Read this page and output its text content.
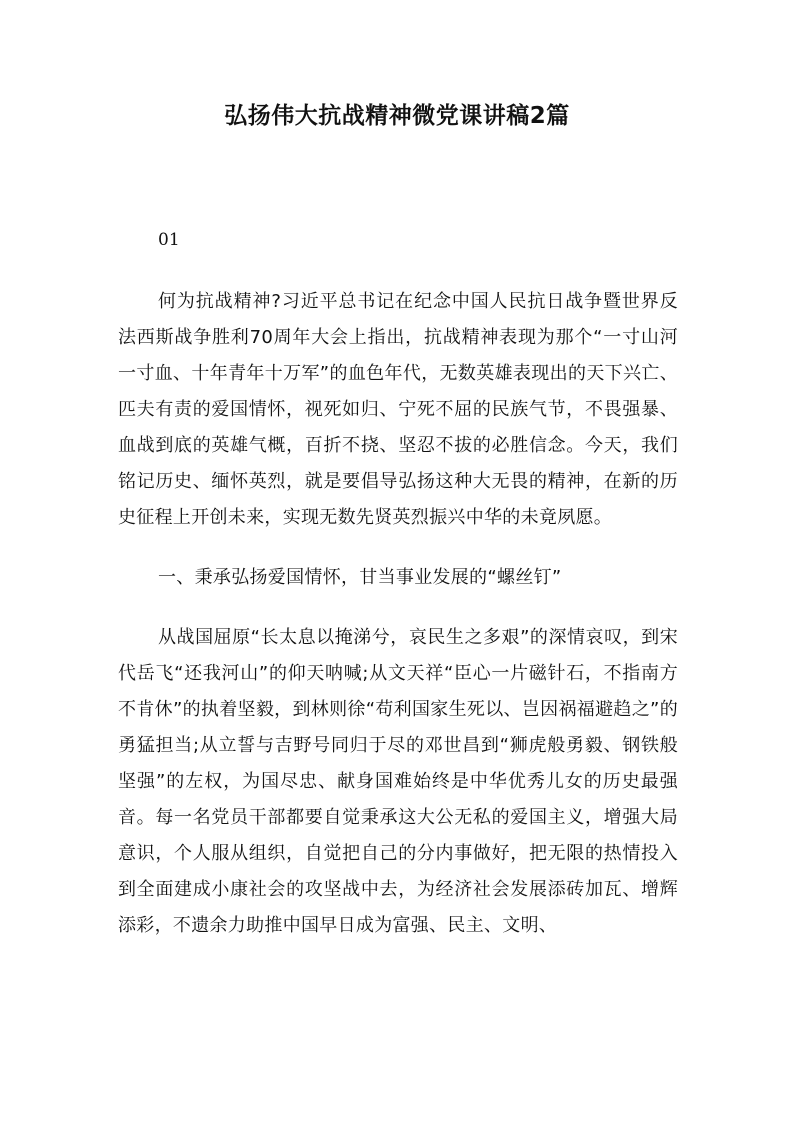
弘扬伟大抗战精神微党课讲稿2篇

01

何为抗战精神?习近平总书记在纪念中国人民抗日战争暨世界反法西斯战争胜利70周年大会上指出，抗战精神表现为那个“一寸山河一寸血、十年青年十万军”的血色年代，无数英雄表现出的天下兴亡、匹夫有责的爱国情怀，视死如归、宁死不屈的民族气节，不畏强暴、血战到底的英雄气概，百折不挠、坚忍不拔的必胜信念。今天，我们铭记历史、缅怀英烈，就是要倡导弘扬这种大无畏的精神，在新的历史征程上开创未来，实现无数先贤英烈振兴中华的未竟夙愿。

一、秉承弘扬爱国情怀，甘当事业发展的“螺丝钉”

从战国屈原“长太息以掩涕兮，哀民生之多艰”的深情哀叹，到宋代岳飞“还我河山”的仰天呐喊;从文天祥“臣心一片磁针石，不指南方不肯休”的执着坚毅，到林则徐“苟利国家生死以、岂因祸福避趋之”的勇猛担当;从立誓与吉野号同归于尽的邓世昌到“狮虎般勇毅、钢铁般坚强”的左权，为国尽忠、献身国难始终是中华优秀儿女的历史最强音。每一名党员干部都要自觉秉承这大公无私的爱国主义，增强大局意识，个人服从组织，自觉把自己的分内事做好，把无限的热情投入到全面建成小康社会的攻坚战中去，为经济社会发展添砖加瓦、增辉添彩，不遗余力助推中国早日成为富强、民主、文明、
